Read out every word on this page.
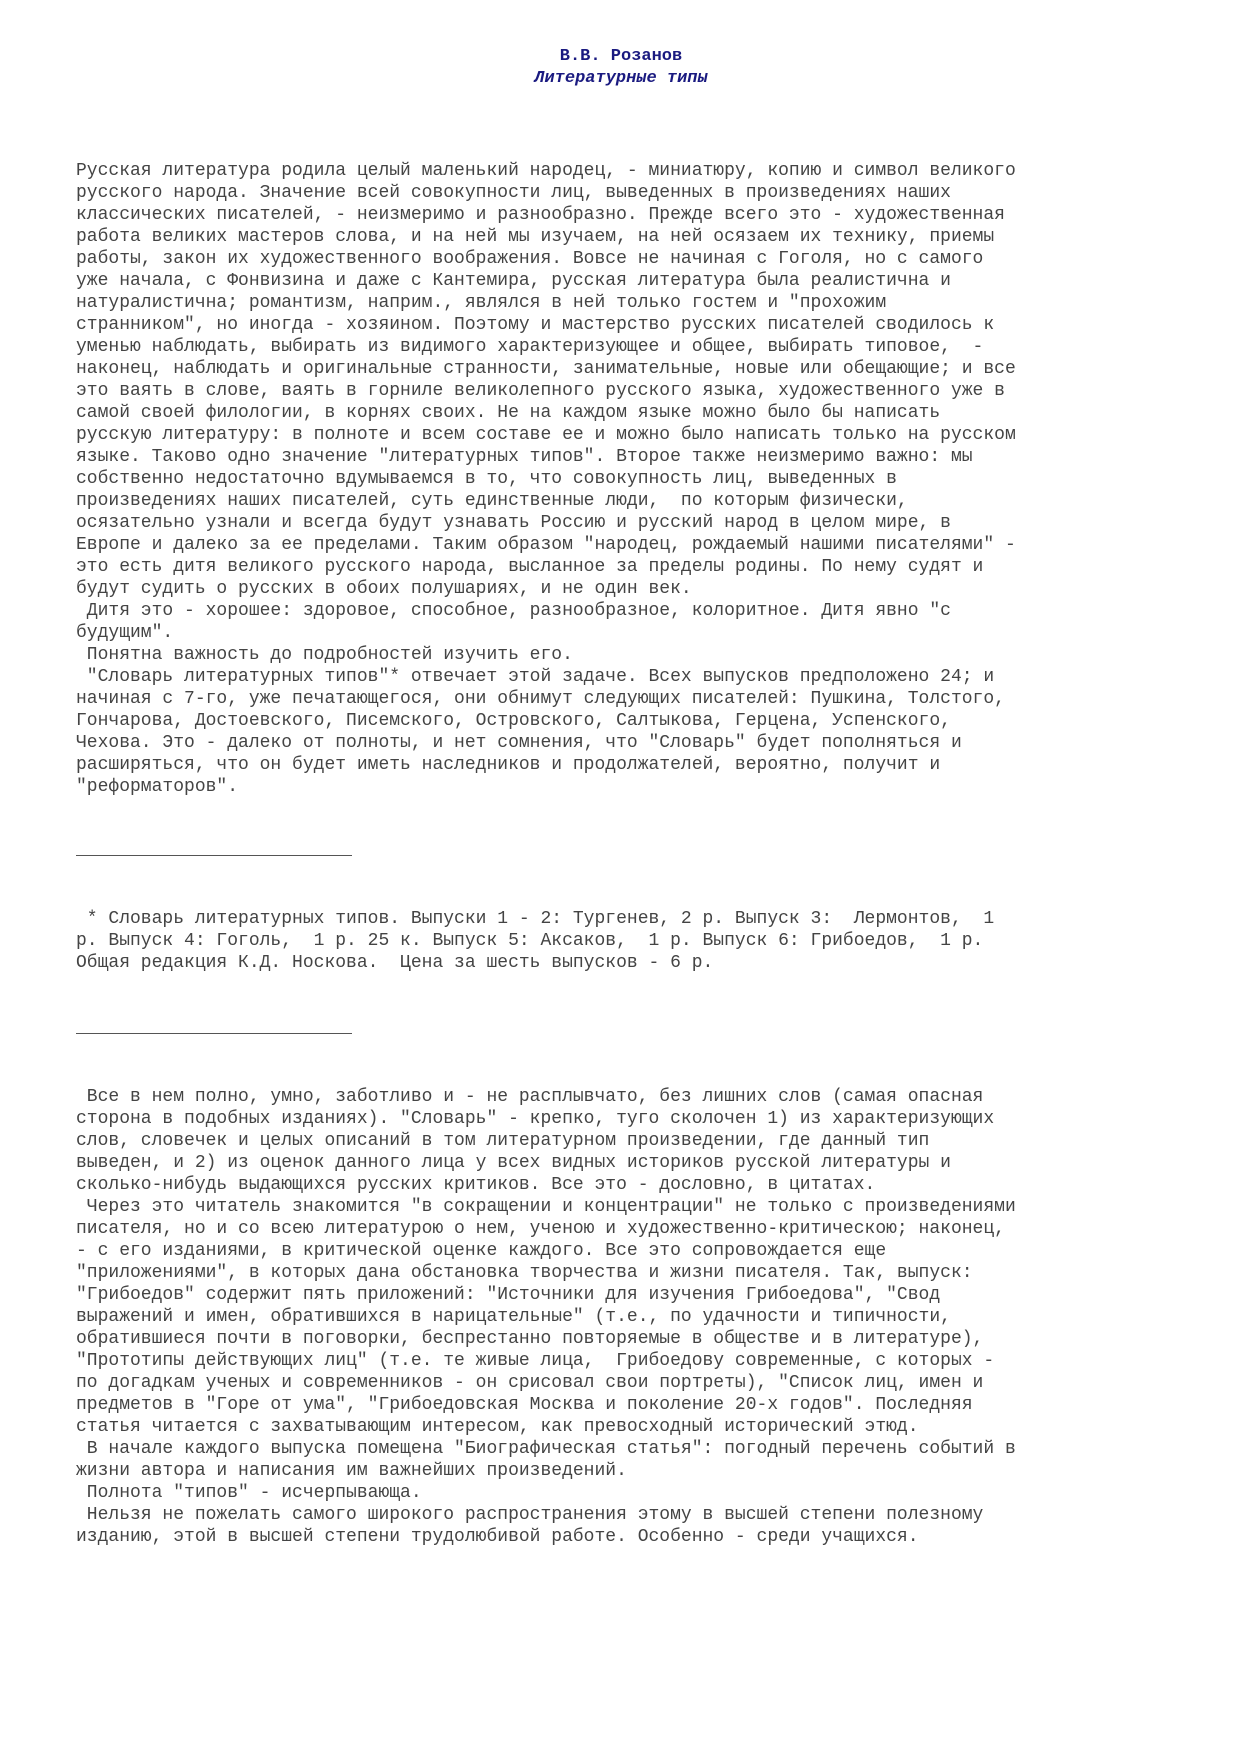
В.В. Розанов
Литературные типы

Русская литература родила целый маленький народец, - миниатюру, копию и символ великого
русского народа. Значение всей совокупности лиц, выведенных в произведениях наших
классических писателей, - неизмеримо и разнообразно. Прежде всего это - художественная
работа великих мастеров слова, и на ней мы изучаем, на ней осязаем их технику, приемы
работы, закон их художественного воображения. Вовсе не начиная с Гоголя, но с самого
уже начала, с Фонвизина и даже с Кантемира, русская литература была реалистична и
натуралистична; романтизм, наприм., являлся в ней только гостем и "прохожим
странником", но иногда - хозяином. Поэтому и мастерство русских писателей сводилось к
уменью наблюдать, выбирать из видимого характеризующее и общее, выбирать типовое,  -
наконец, наблюдать и оригинальные странности, занимательные, новые или обещающие; и все
это ваять в слове, ваять в горниле великолепного русского языка, художественного уже в
самой своей филологии, в корнях своих. Не на каждом языке можно было бы написать
русскую литературу: в полноте и всем составе ее и можно было написать только на русском
языке. Таково одно значение "литературных типов". Второе также неизмеримо важно: мы
собственно недостаточно вдумываемся в то, что совокупность лиц, выведенных в
произведениях наших писателей, суть единственные люди,  по которым физически,
осязательно узнали и всегда будут узнавать Россию и русский народ в целом мире, в
Европе и далеко за ее пределами. Таким образом "народец, рождаемый нашими писателями" -
это есть дитя великого русского народа, высланное за пределы родины. По нему судят и
будут судить о русских в обоих полушариях, и не один век.
Дитя это - хорошее: здоровое, способное, разнообразное, колоритное. Дитя явно "с
будущим".
Понятна важность до подробностей изучить его.
"Словарь литературных типов"* отвечает этой задаче. Всех выпусков предположено 24; и
начиная с 7-го, уже печатающегося, они обнимут следующих писателей: Пушкина, Толстого,
Гончарова, Достоевского, Писемского, Островского, Салтыкова, Герцена, Успенского,
Чехова. Это - далеко от полноты, и нет сомнения, что "Словарь" будет пополняться и
расширяться, что он будет иметь наследников и продолжателей, вероятно, получит и
"реформаторов".

* Словарь литературных типов. Выпуски 1 - 2: Тургенев, 2 р. Выпуск 3:  Лермонтов,  1
р. Выпуск 4: Гоголь,  1 р. 25 к. Выпуск 5: Аксаков,  1 р. Выпуск 6: Грибоедов,  1 р.
Общая редакция К.Д. Носкова.  Цена за шесть выпусков - 6 р.

Все в нем полно, умно, заботливо и - не расплывчато, без лишних слов (самая опасная
сторона в подобных изданиях). "Словарь" - крепко, туго сколочен 1) из характеризующих
слов, словечек и целых описаний в том литературном произведении, где данный тип
выведен, и 2) из оценок данного лица у всех видных историков русской литературы и
сколько-нибудь выдающихся русских критиков. Все это - дословно, в цитатах.
Через это читатель знакомится "в сокращении и концентрации" не только с произведениями
писателя, но и со всею литературою о нем, ученою и художественно-критическою; наконец,
- с его изданиями, в критической оценке каждого. Все это сопровождается еще
"приложениями", в которых дана обстановка творчества и жизни писателя. Так, выпуск:
"Грибоедов" содержит пять приложений: "Источники для изучения Грибоедова", "Свод
выражений и имен, обратившихся в нарицательные" (т.е., по удачности и типичности,
обратившиеся почти в поговорки, беспрестанно повторяемые в обществе и в литературе),
"Прототипы действующих лиц" (т.е. те живые лица,  Грибоедову современные, с которых -
по догадкам ученых и современников - он срисовал свои портреты), "Список лиц, имен и
предметов в "Горе от ума", "Грибоедовская Москва и поколение 20-х годов". Последняя
статья читается с захватывающим интересом, как превосходный исторический этюд.
В начале каждого выпуска помещена "Биографическая статья": погодный перечень событий в
жизни автора и написания им важнейших произведений.
Полнота "типов" - исчерпывающа.
Нельзя не пожелать самого широкого распространения этому в высшей степени полезному
изданию, этой в высшей степени трудолюбивой работе. Особенно - среди учащихся.
